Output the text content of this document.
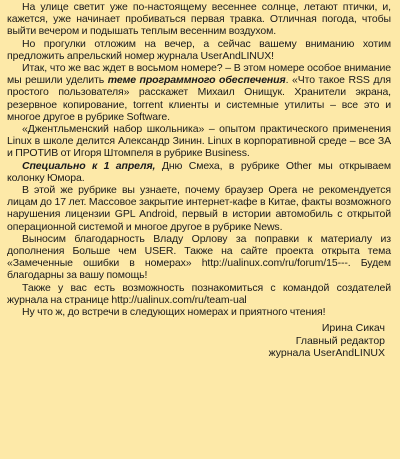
На улице светит уже по-настоящему весеннее солнце, летают птички, и, кажется, уже начинает пробиваться первая травка. Отличная погода, чтобы выйти вечером и подышать теплым весенним воздухом.

Но прогулки отложим на вечер, а сейчас вашему вниманию хотим предложить апрельский номер журнала UserAndLINUX!

Итак, что же вас ждет в восьмом номере? – В этом номере особое внимание мы решили уделить теме программного обеспечения. «Что такое RSS для простого пользователя» расскажет Михаил Онищук. Хранители экрана, резервное копирование, torrent клиенты и системные утилиты – все это и многое другое в рубрике Software.

«Джентльменский набор школьника» – опытом практического применения Linux в школе делится Александр Зинин. Linux в корпоративной среде – все ЗА и ПРОТИВ от Игоря Штомпеля в рубрике Business.

Специально к 1 апреля, Дню Смеха, в рубрике Other мы открываем колонку Юмора.

В этой же рубрике вы узнаете, почему браузер Opera не рекомендуется лицам до 17 лет. Массовое закрытие интернет-кафе в Китае, факты возможного нарушения лицензии GPL Android, первый в истории автомобиль с открытой операционной системой и многое другое в рубрике News.

Выносим благодарность Владу Орлову за поправки к материалу из дополнения Больше чем USER. Также на сайте проекта открыта тема «Замеченные ошибки в номерах» http://ualinux.com/ru/forum/15---. Будем благодарны за вашу помощь!

Также у вас есть возможность познакомиться с командой создателей журнала на странице http://ualinux.com/ru/team-ual

Ну что ж, до встречи в следующих номерах и приятного чтения!

Ирина Сикач
Главный редактор
журнала UserAndLINUX
